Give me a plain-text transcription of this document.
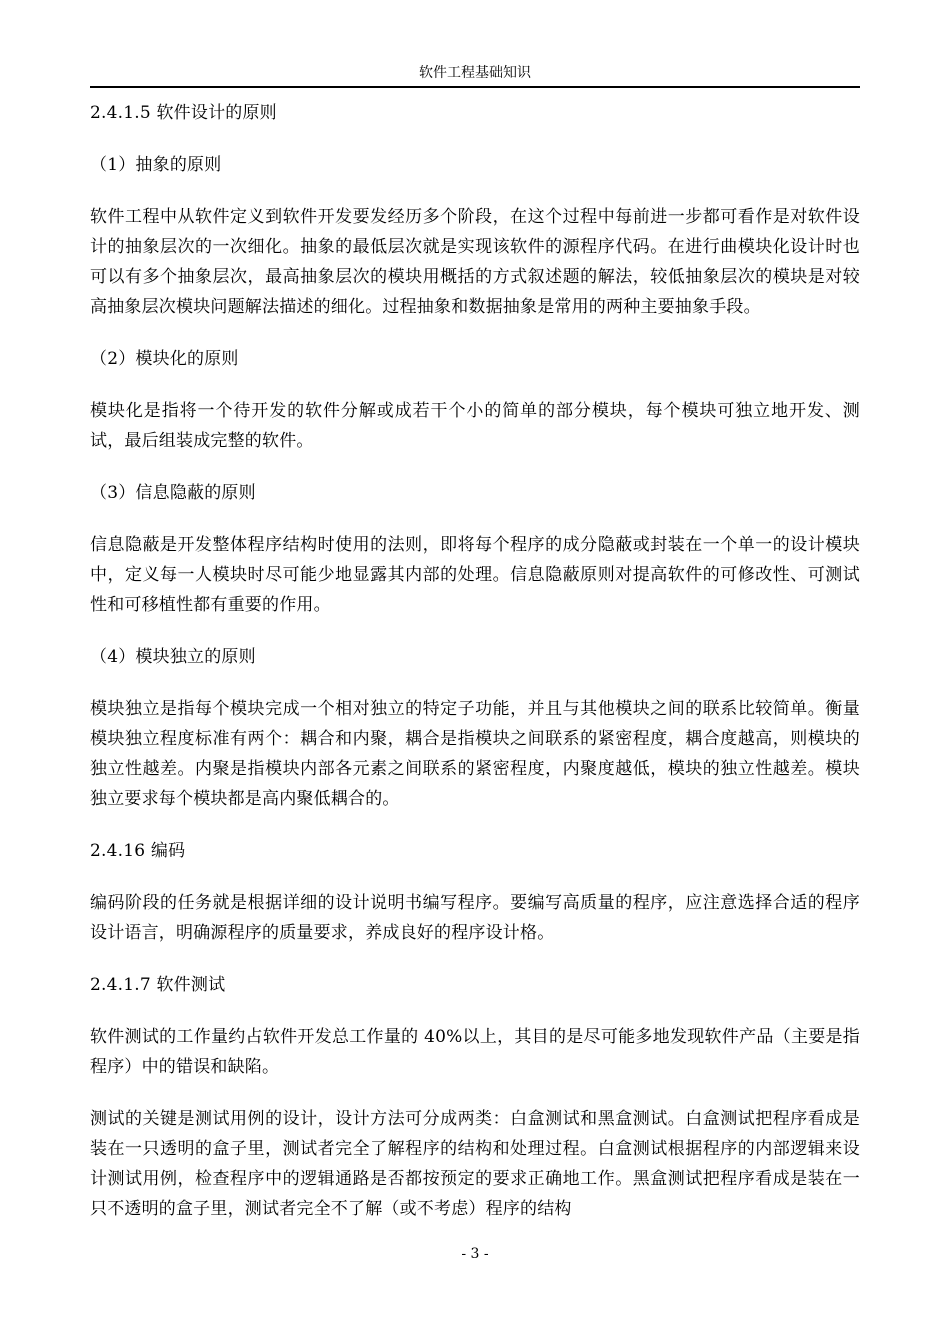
软件工程基础知识

2.4.1.5 软件设计的原则

（1）抽象的原则

软件工程中从软件定义到软件开发要发经历多个阶段，在这个过程中每前进一步都可看作是对软件设计的抽象层次的一次细化。抽象的最低层次就是实现该软件的源程序代码。在进行曲模块化设计时也可以有多个抽象层次，最高抽象层次的模块用概括的方式叙述题的解法，较低抽象层次的模块是对较高抽象层次模块问题解法描述的细化。过程抽象和数据抽象是常用的两种主要抽象手段。

（2）模块化的原则

模块化是指将一个待开发的软件分解或成若干个小的简单的部分模块，每个模块可独立地开发、测试，最后组装成完整的软件。

（3）信息隐蔽的原则

信息隐蔽是开发整体程序结构时使用的法则，即将每个程序的成分隐蔽或封装在一个单一的设计模块中，定义每一人模块时尽可能少地显露其内部的处理。信息隐蔽原则对提高软件的可修改性、可测试性和可移植性都有重要的作用。

（4）模块独立的原则

模块独立是指每个模块完成一个相对独立的特定子功能，并且与其他模块之间的联系比较简单。衡量模块独立程度标准有两个：耦合和内聚，耦合是指模块之间联系的紧密程度，耦合度越高，则模块的独立性越差。内聚是指模块内部各元素之间联系的紧密程度，内聚度越低，模块的独立性越差。模块独立要求每个模块都是高内聚低耦合的。

2.4.16 编码

编码阶段的任务就是根据详细的设计说明书编写程序。要编写高质量的程序，应注意选择合适的程序设计语言，明确源程序的质量要求，养成良好的程序设计格。

2.4.1.7 软件测试

软件测试的工作量约占软件开发总工作量的 40%以上，其目的是尽可能多地发现软件产品（主要是指程序）中的错误和缺陷。

测试的关键是测试用例的设计，设计方法可分成两类：白盒测试和黑盒测试。白盒测试把程序看成是装在一只透明的盒子里，测试者完全了解程序的结构和处理过程。白盒测试根据程序的内部逻辑来设计测试用例，检查程序中的逻辑通路是否都按预定的要求正确地工作。黑盒测试把程序看成是装在一只不透明的盒子里，测试者完全不了解（或不考虑）程序的结构

- 3 -
